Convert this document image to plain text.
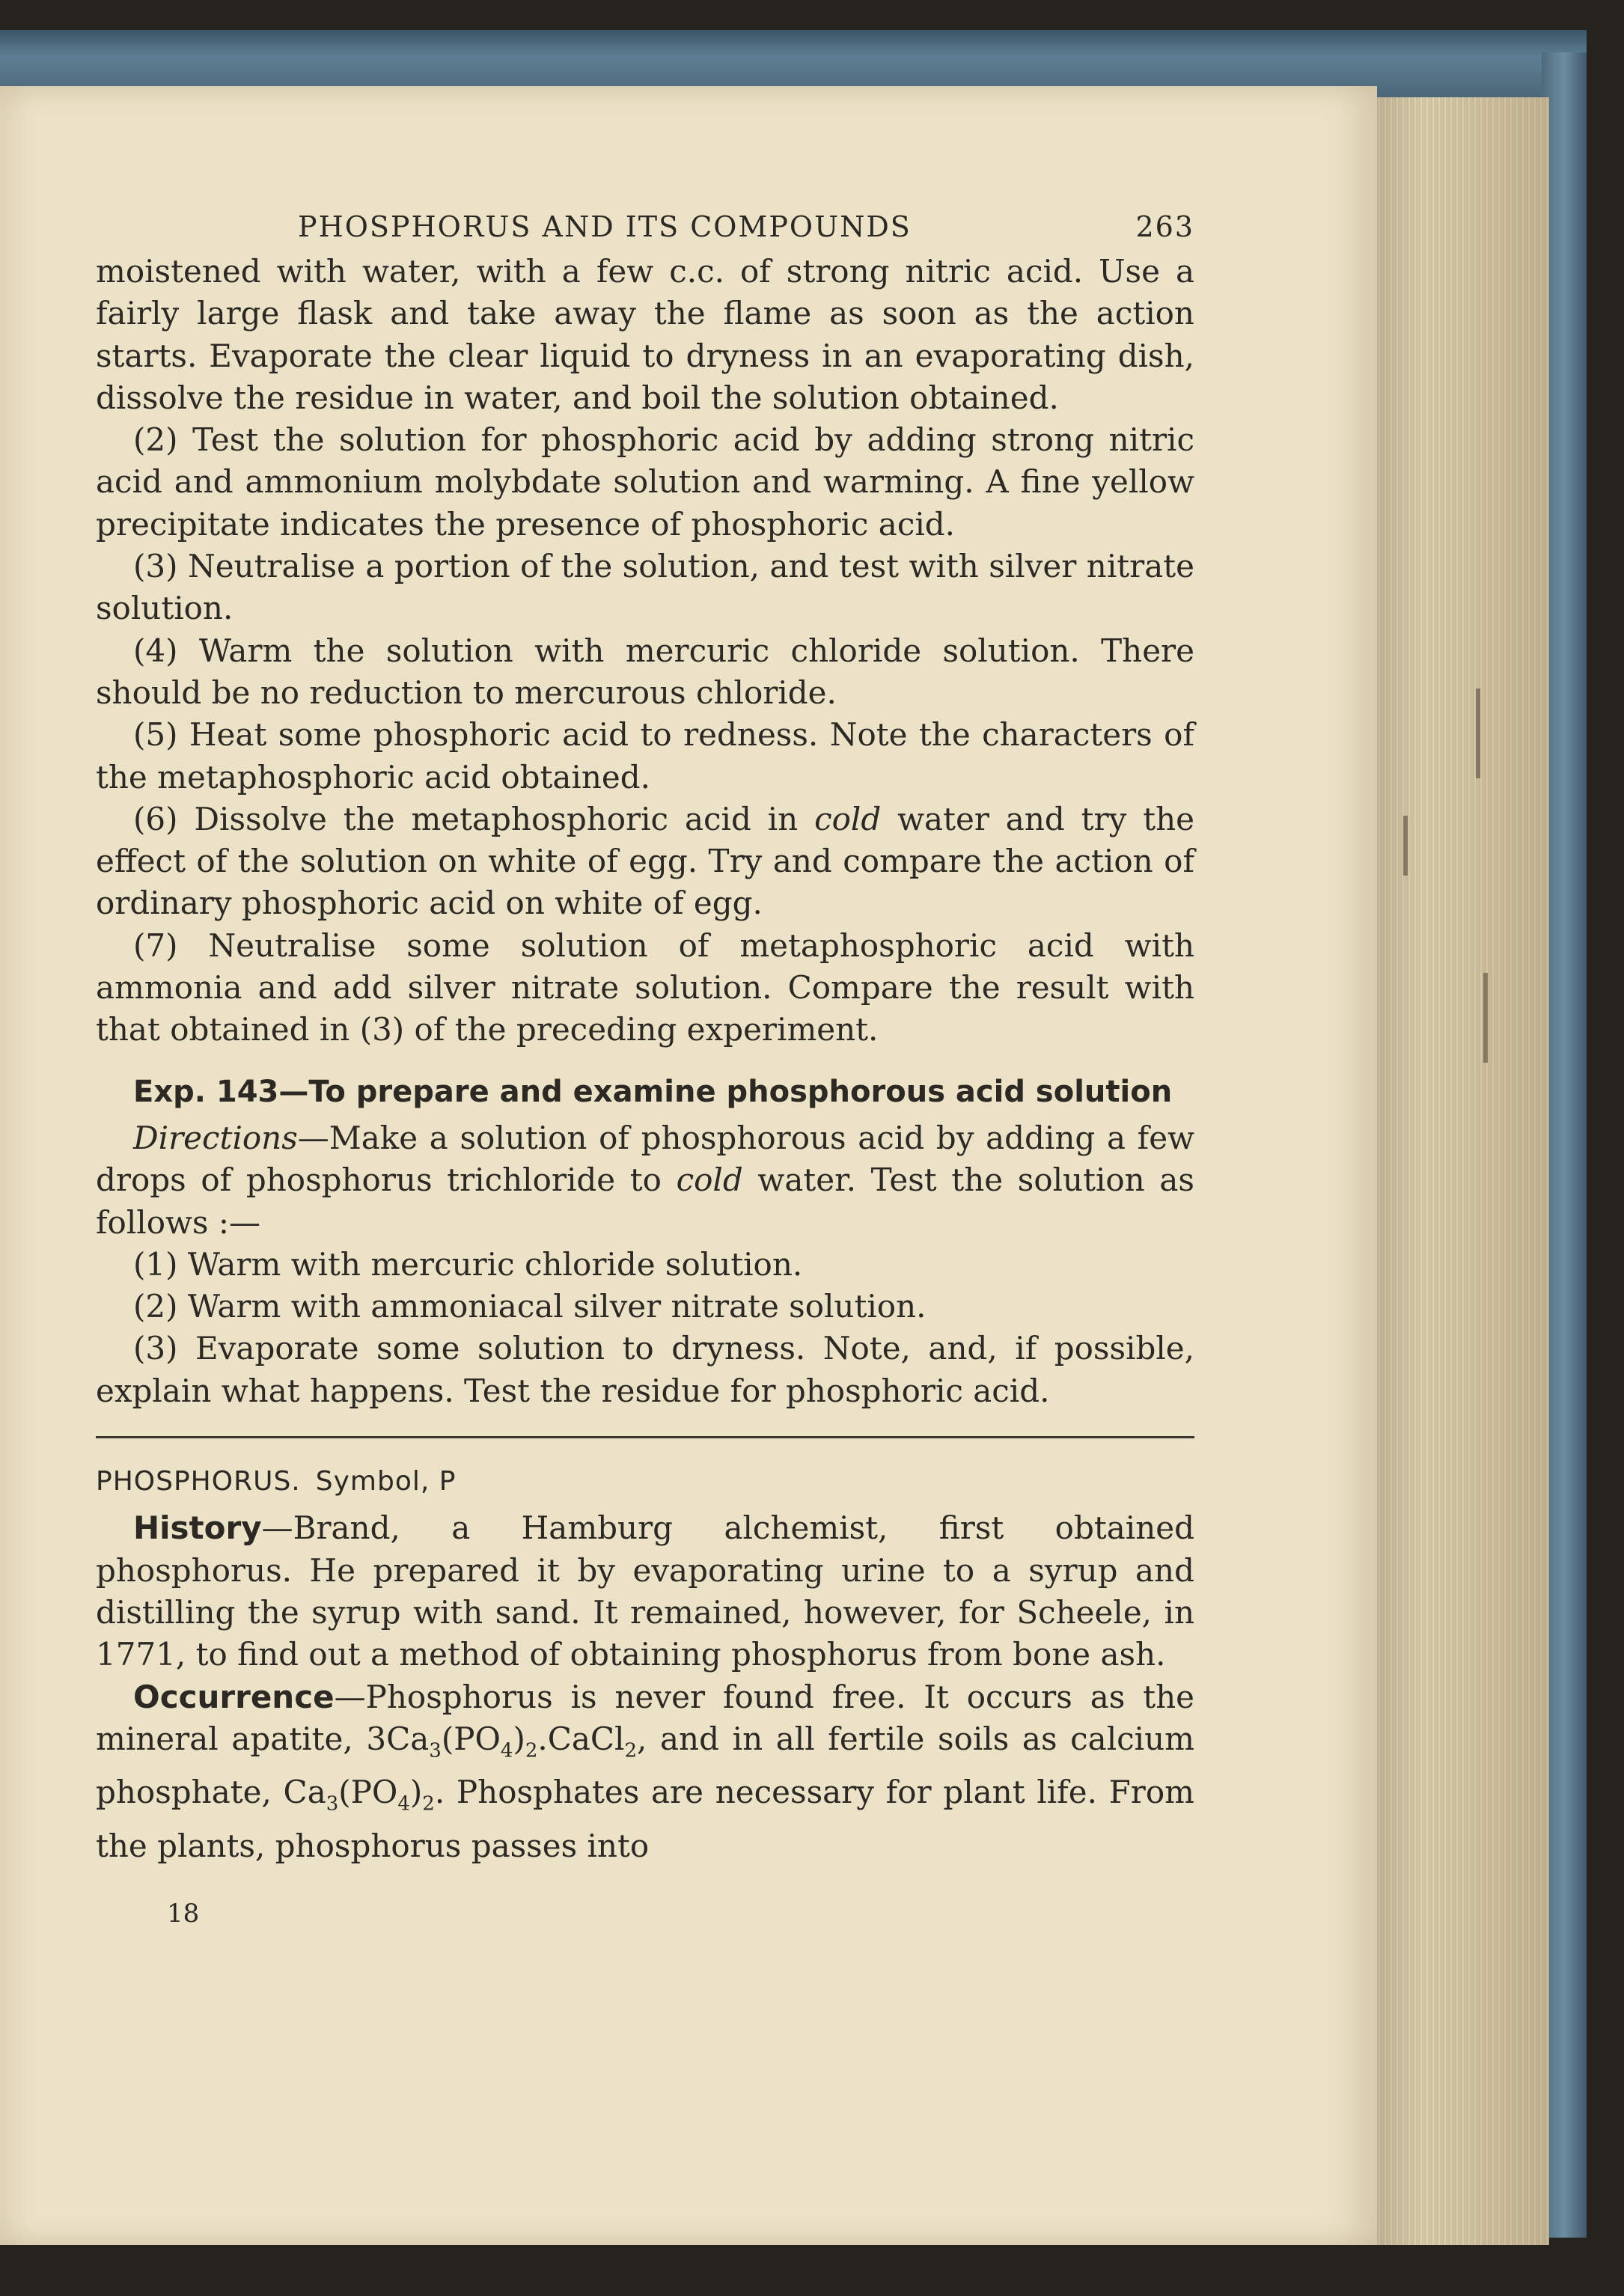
PHOSPHORUS AND ITS COMPOUNDS	263

moistened with water, with a few c.c. of strong nitric acid. Use a fairly large flask and take away the flame as soon as the action starts. Evaporate the clear liquid to dryness in an evaporating dish, dissolve the residue in water, and boil the solution obtained.

(2) Test the solution for phosphoric acid by adding strong nitric acid and ammonium molybdate solution and warming. A fine yellow precipitate indicates the presence of phosphoric acid.

(3) Neutralise a portion of the solution, and test with silver nitrate solution.

(4) Warm the solution with mercuric chloride solution. There should be no reduction to mercurous chloride.

(5) Heat some phosphoric acid to redness. Note the characters of the metaphosphoric acid obtained.

(6) Dissolve the metaphosphoric acid in cold water and try the effect of the solution on white of egg. Try and compare the action of ordinary phosphoric acid on white of egg.

(7) Neutralise some solution of metaphosphoric acid with ammonia and add silver nitrate solution. Compare the result with that obtained in (3) of the preceding experiment.

Exp. 143—To prepare and examine phosphorous acid solution

Directions—Make a solution of phosphorous acid by adding a few drops of phosphorus trichloride to cold water. Test the solution as follows :—

(1) Warm with mercuric chloride solution.

(2) Warm with ammoniacal silver nitrate solution.

(3) Evaporate some solution to dryness. Note, and, if possible, explain what happens. Test the residue for phosphoric acid.

PHOSPHORUS. Symbol, P

History—Brand, a Hamburg alchemist, first obtained phosphorus. He prepared it by evaporating urine to a syrup and distilling the syrup with sand. It remained, however, for Scheele, in 1771, to find out a method of obtaining phosphorus from bone ash.

Occurrence—Phosphorus is never found free. It occurs as the mineral apatite, $3Ca_3(PO_4)_2.CaCl_2$, and in all fertile soils as calcium phosphate, $Ca_3(PO_4)_2$. Phosphates are necessary for plant life. From the plants, phosphorus passes into

18
